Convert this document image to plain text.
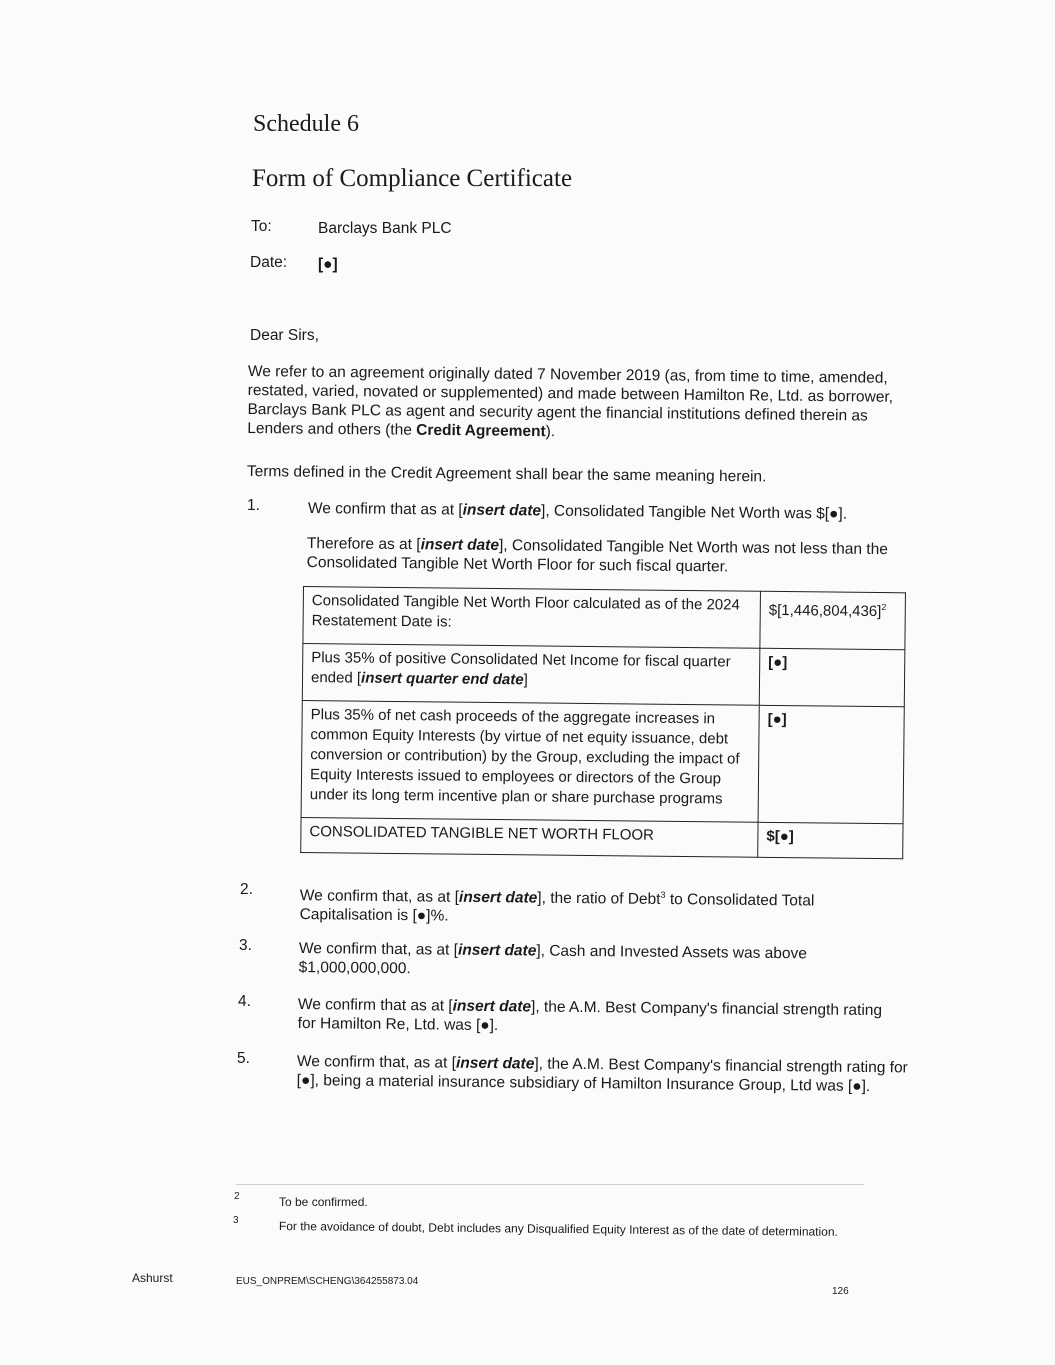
Schedule 6
Form of Compliance Certificate
To:	Barclays Bank PLC
Date: [●]
Dear Sirs,
We refer to an agreement originally dated 7 November 2019 (as, from time to time, amended, restated, varied, novated or supplemented) and made between Hamilton Re, Ltd. as borrower, Barclays Bank PLC as agent and security agent the financial institutions defined therein as Lenders and others (the Credit Agreement).
Terms defined in the Credit Agreement shall bear the same meaning herein.
1.	We confirm that as at [insert date], Consolidated Tangible Net Worth was $[●].
Therefore as at [insert date], Consolidated Tangible Net Worth was not less than the Consolidated Tangible Net Worth Floor for such fiscal quarter.
Consolidated Tangible Net Worth Floor calculated as of the 2024 Restatement Date is:	$\$[1,446,804,436]^2$
Plus 35% of positive Consolidated Net Income for fiscal quarter ended [insert quarter end date]	[●]
Plus 35% of net cash proceeds of the aggregate increases in common Equity Interests (by virtue of net equity issuance, debt conversion or contribution) by the Group, excluding the impact of Equity Interests issued to employees or directors of the Group under its long term incentive plan or share purchase programs	[●]
CONSOLIDATED TANGIBLE NET WORTH FLOOR	$[●]
2.	We confirm that, as at [insert date], the ratio of Debt$^3$ to Consolidated Total Capitalisation is [●]%.
3.	We confirm that, as at [insert date], Cash and Invested Assets was above $1,000,000,000.
4.	We confirm that as at [insert date], the A.M. Best Company's financial strength rating for Hamilton Re, Ltd. was [●].
5.	We confirm that, as at [insert date], the A.M. Best Company's financial strength rating for [●], being a material insurance subsidiary of Hamilton Insurance Group, Ltd was [●].
2	To be confirmed.
3	For the avoidance of doubt, Debt includes any Disqualified Equity Interest as of the date of determination.
Ashurst	EUS_ONPREM\SCHENG\364255873.04
126
